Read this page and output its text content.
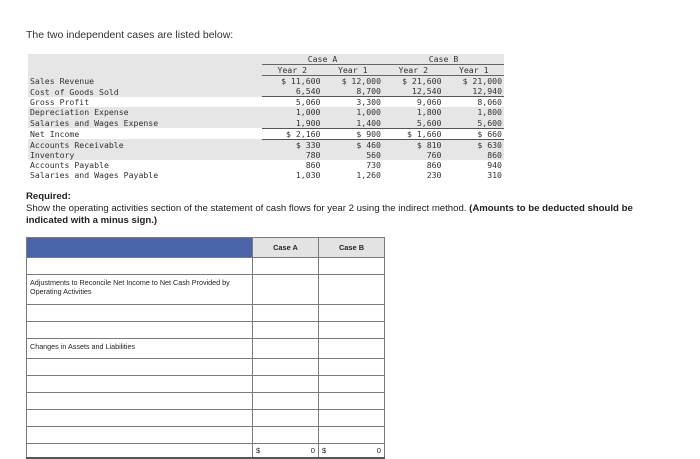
The two independent cases are listed below:
	Case A		Case B	
	Year 2	Year 1	Year 2	Year 1
Sales Revenue	$ 11,600	$ 12,000	$ 21,600	$ 21,000
Cost of Goods Sold	6,540	8,700	12,540	12,940
Gross Profit	5,060	3,300	9,060	8,060
Depreciation Expense	1,000	1,000	1,800	1,800
Salaries and Wages Expense	1,900	1,400	5,600	5,600
Net Income	$ 2,160	$ 900	$ 1,660	$ 660
Accounts Receivable	$ 330	$ 460	$ 810	$ 630
Inventory	780	560	760	860
Accounts Payable	860	730	860	940
Salaries and Wages Payable	1,030	1,260	230	310
Required:
Show the operating activities section of the statement of cash flows for year 2 using the indirect method. (Amounts to be deducted should be indicated with a minus sign.)
	Case A	Case B

Adjustments to Reconcile Net Income to Net Cash Provided by Operating Activities		

Changes in Assets and Liabilities		

	$ 0	$ 0
